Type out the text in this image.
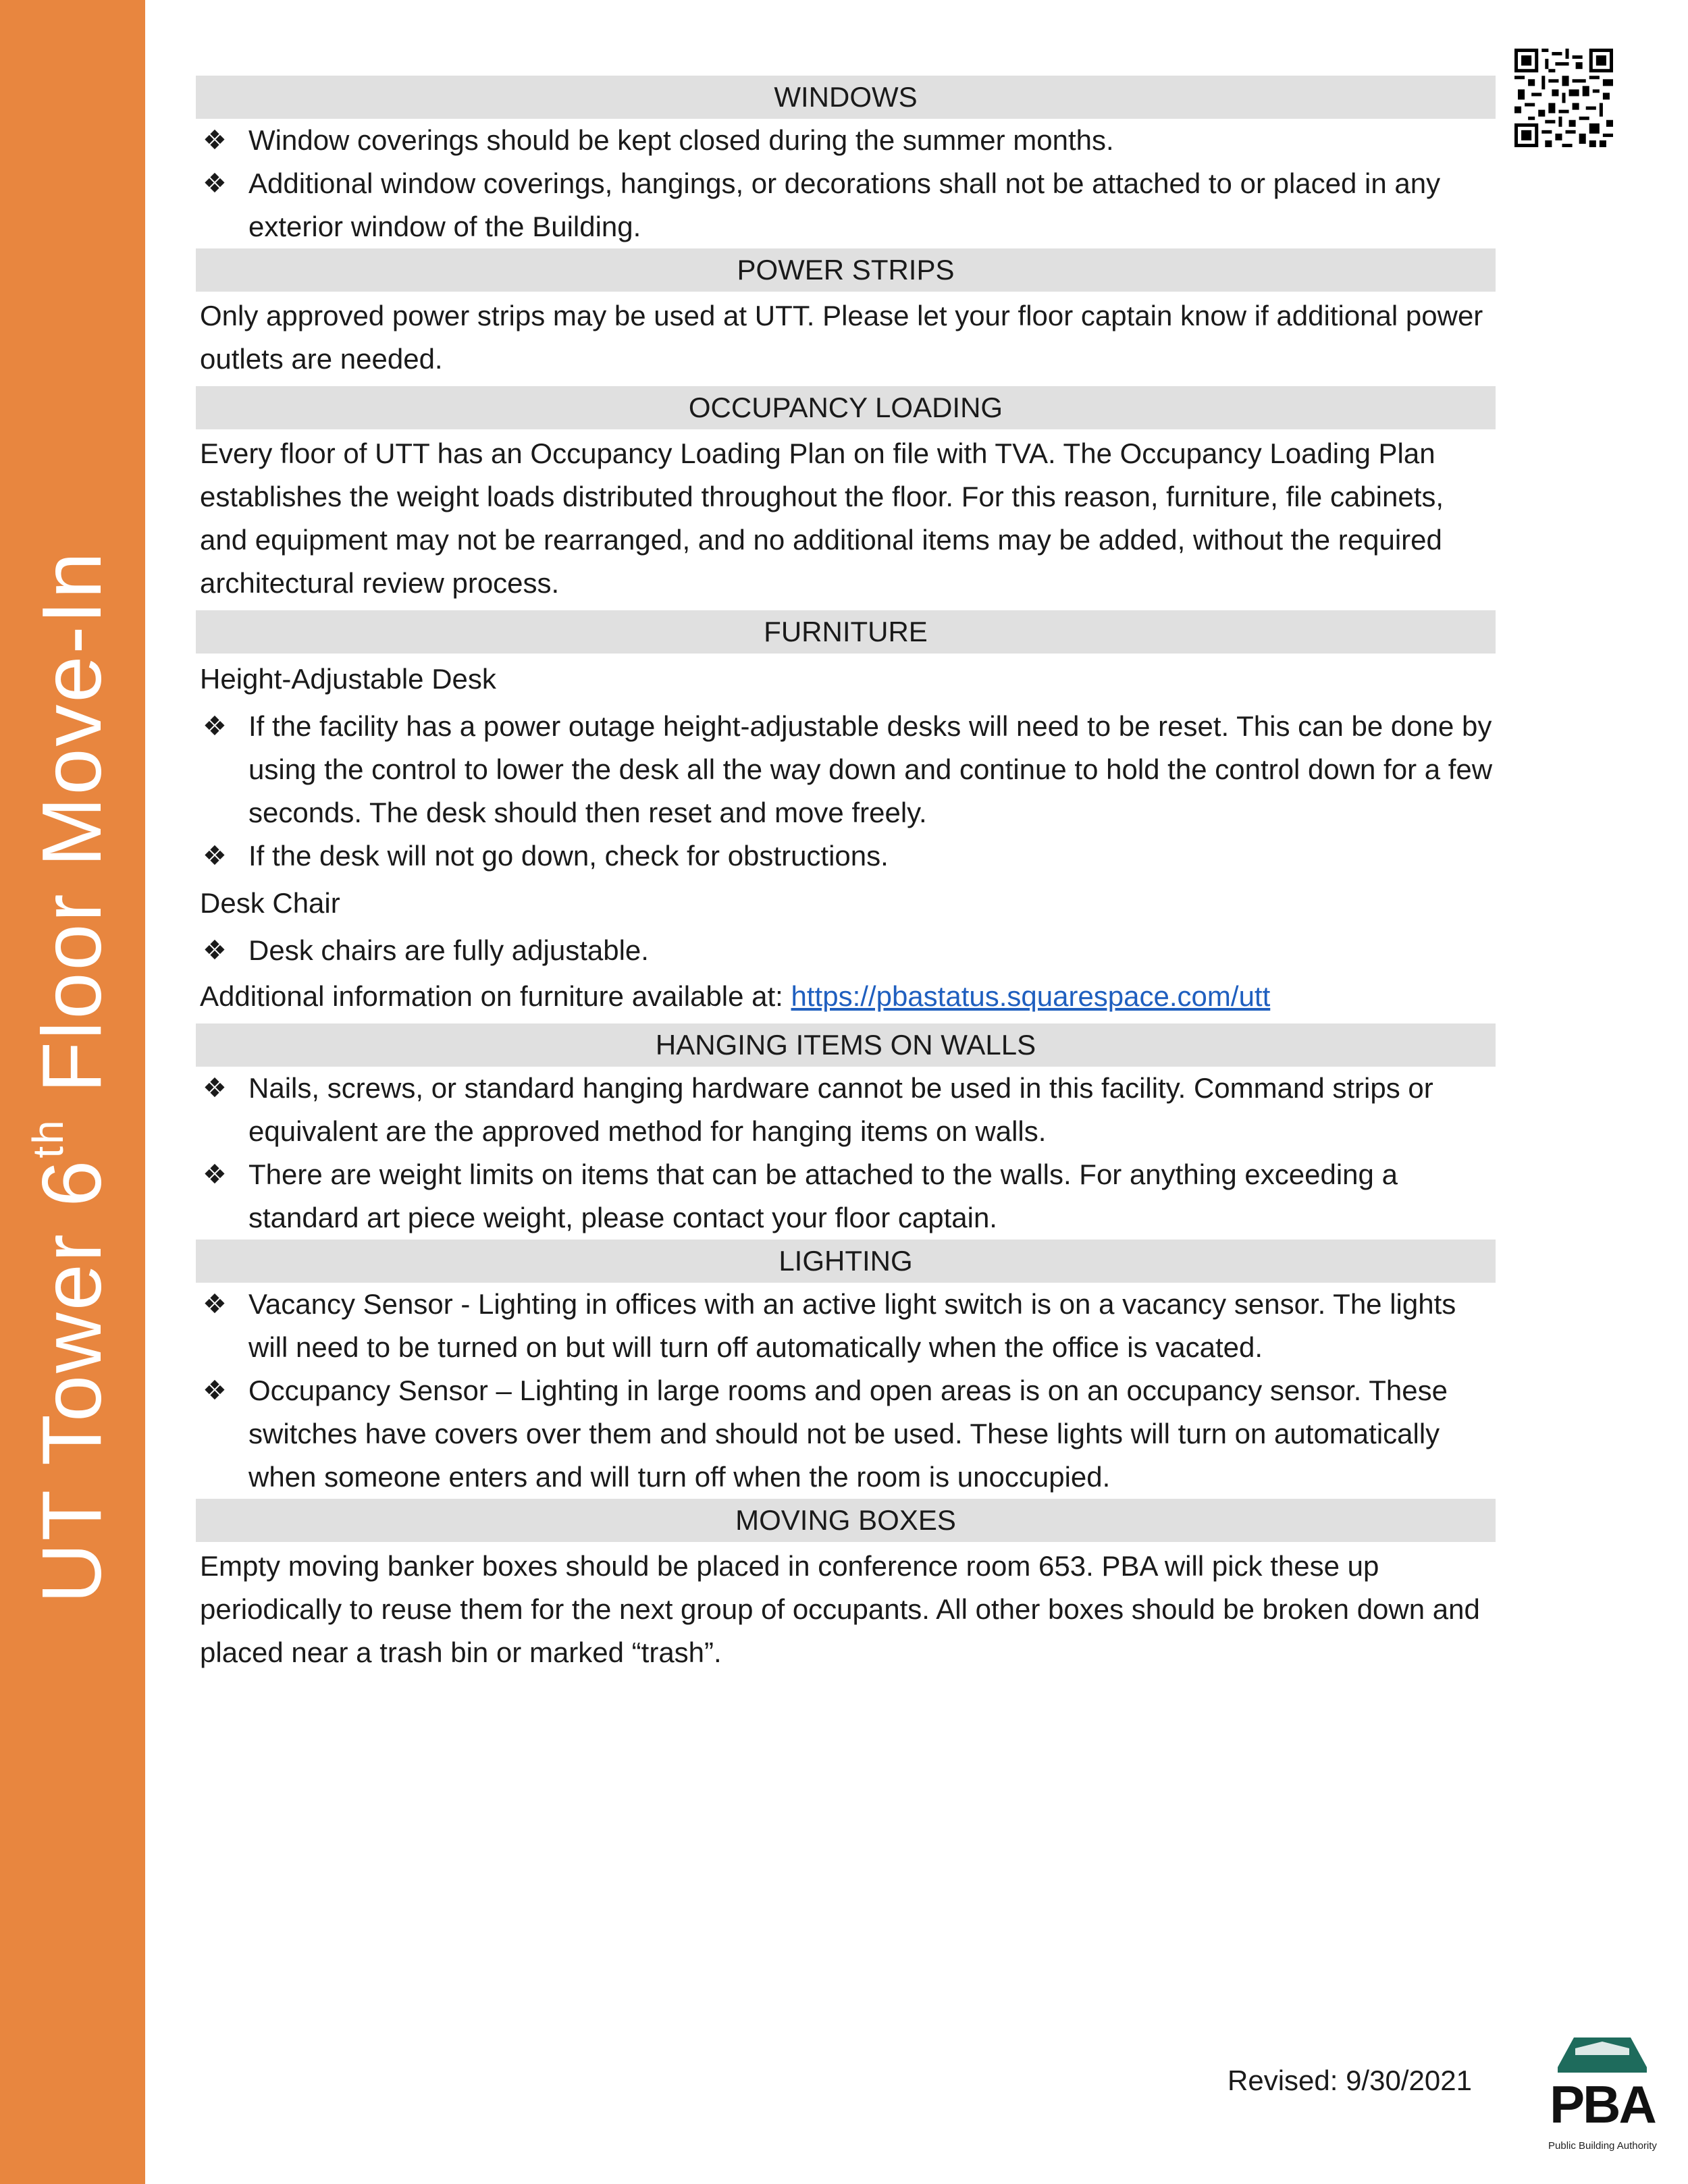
UT Tower 6th Floor Move-In
WINDOWS
❖ Window coverings should be kept closed during the summer months.
❖ Additional window coverings, hangings, or decorations shall not be attached to or placed in any exterior window of the Building.
POWER STRIPS

Only approved power strips may be used at UTT. Please let your floor captain know if additional power outlets are needed.

OCCUPANCY LOADING

Every floor of UTT has an Occupancy Loading Plan on file with TVA. The Occupancy Loading Plan establishes the weight loads distributed throughout the floor. For this reason, furniture, file cabinets, and equipment may not be rearranged, and no additional items may be added, without the required architectural review process.

FURNITURE

Height-Adjustable Desk

❖ If the facility has a power outage height-adjustable desks will need to be reset. This can be done by using the control to lower the desk all the way down and continue to hold the control down for a few seconds. The desk should then reset and move freely.
❖ If the desk will not go down, check for obstructions.

Desk Chair

❖ Desk chairs are fully adjustable.

Additional information on furniture available at: https://pbastatus.squarespace.com/utt

HANGING ITEMS ON WALLS
❖ Nails, screws, or standard hanging hardware cannot be used in this facility. Command strips or equivalent are the approved method for hanging items on walls.
❖ There are weight limits on items that can be attached to the walls. For anything exceeding a standard art piece weight, please contact your floor captain.
LIGHTING
❖ Vacancy Sensor - Lighting in offices with an active light switch is on a vacancy sensor. The lights will need to be turned on but will turn off automatically when the office is vacated.
❖ Occupancy Sensor – Lighting in large rooms and open areas is on an occupancy sensor. These switches have covers over them and should not be used. These lights will turn on automatically when someone enters and will turn off when the room is unoccupied.
MOVING BOXES

Empty moving banker boxes should be placed in conference room 653. PBA will pick these up periodically to reuse them for the next group of occupants. All other boxes should be broken down and placed near a trash bin or marked “trash”.

Revised: 9/30/2021 PBA
Public Building Authority
